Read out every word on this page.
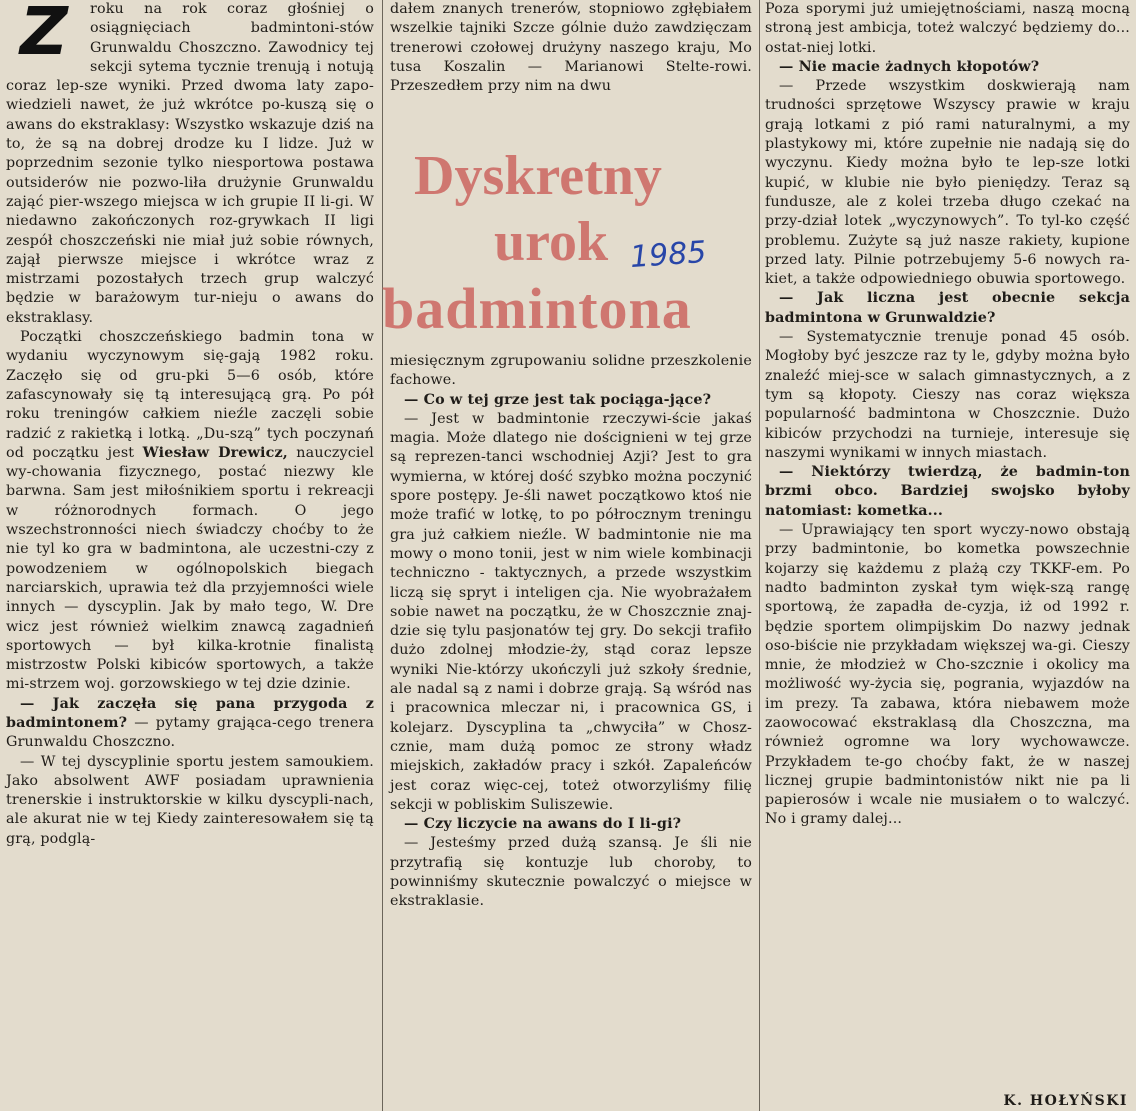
Z	roku na rok coraz głośniej o osiągnięciach badmintoni-stów Grunwaldu Choszczno. Zawodnicy tej sekcji sytema tycznie trenują i notują coraz lep-sze wyniki. Przed dwoma laty zapo-wiedzieli nawet, że już wkrótce po-kuszą się o awans do ekstraklasy: Wszystko wskazuje dziś na to, że są na dobrej drodze ku I lidze. Już w poprzednim sezonie tylko niesportowa postawa outsiderów nie pozwo-liła drużynie Grunwaldu zająć pier-wszego miejsca w ich grupie II li-gi. W niedawno zakończonych roz-grywkach II ligi zespół choszczeński nie miał już sobie równych, zajął pierwsze miejsce i wkrótce wraz z mistrzami pozostałych trzech grup walczyć będzie w barażowym tur-nieju o awans do ekstraklasy.

Początki choszczeńskiego badmin tona w wydaniu wyczynowym się-gają 1982 roku. Zaczęło się od gru-pki 5—6 osób, które zafascynowały się tą interesującą grą. Po pół roku treningów całkiem nieźle zaczęli sobie radzić z rakietką i lotką. „Du-szą” tych poczynań od początku jest Wiesław Drewicz, nauczyciel wy-chowania fizycznego, postać niezwy kle barwna. Sam jest miłośnikiem sportu i rekreacji w różnorodnych formach. O jego wszechstronności niech świadczy choćby to że nie tyl ko gra w badmintona, ale uczestni-czy z powodzeniem w ogólnopolskich biegach narciarskich, uprawia też dla przyjemności wiele innych — dyscyplin. Jak by mało tego, W. Dre wicz jest również wielkim znawcą zagadnień sportowych — był kilka-krotnie finalistą mistrzostw Polski kibiców sportowych, a także mi-strzem woj. gorzowskiego w tej dzie dzinie.

— Jak zaczęła się pana przygoda z badmintonem? — pytamy grająca-cego trenera Grunwaldu Choszczno.

— W tej dyscyplinie sportu jestem samoukiem. Jako absolwent AWF posiadam uprawnienia trenerskie i instruktorskie w kilku dyscypli-nach, ale akurat nie w tej Kiedy zainteresowałem się tą grą, podglą-

dałem znanych trenerów, stopniowo zgłębiałem wszelkie tajniki Szcze gólnie dużo zawdzięczam trenerowi czołowej drużyny naszego kraju, Mo tusa Koszalin — Marianowi Stelte-rowi. Przeszedłem przy nim na dwu

Dyskretny
urok
badmintona
1985

miesięcznym zgrupowaniu solidne przeszkolenie fachowe.

— Co w tej grze jest tak pociąga-jące?

— Jest w badmintonie rzeczywi-ście jakaś magia. Może dlatego nie doścignieni w tej grze są reprezen-tanci wschodniej Azji? Jest to gra wymierna, w której dość szybko można poczynić spore postępy. Je-śli nawet początkowo ktoś nie może trafić w lotkę, to po półrocznym treningu gra już całkiem nieźle. W badmintonie nie ma mowy o mono tonii, jest w nim wiele kombinacji techniczno - taktycznych, a przede wszystkim liczą się spryt i inteligen cja. Nie wyobrażałem sobie nawet na początku, że w Choszcznie znaj-dzie się tylu pasjonatów tej gry. Do sekcji trafiło dużo zdolnej młodzie-ży, stąd coraz lepsze wyniki Nie-którzy ukończyli już szkoły średnie, ale nadal są z nami i dobrze grają. Są wśród nas i pracownica mleczar ni, i pracownica GS, i kolejarz. Dyscyplina ta „chwyciła” w Chosz-cznie, mam dużą pomoc ze strony władz miejskich, zakładów pracy i szkół. Zapaleńców jest coraz więc-cej, toteż otworzyliśmy filię sekcji w pobliskim Suliszewie.

— Czy liczycie na awans do I li-gi?

— Jesteśmy przed dużą szansą. Je śli nie przytrafią się kontuzje lub choroby, to powinniśmy skutecznie powalczyć o miejsce w ekstraklasie.

Poza sporymi już umiejętnościami, naszą mocną stroną jest ambicja, toteż walczyć będziemy do... ostat-niej lotki.

— Nie macie żadnych kłopotów?

— Przede wszystkim doskwierają nam trudności sprzętowe Wszyscy prawie w kraju grają lotkami z pió rami naturalnymi, a my plastykowy mi, które zupełnie nie nadają się do wyczynu. Kiedy można było te lep-sze lotki kupić, w klubie nie było pieniędzy. Teraz są fundusze, ale z kolei trzeba długo czekać na przy-dział lotek „wyczynowych”. To tyl-ko część problemu. Zużyte są już nasze rakiety, kupione przed laty. Pilnie potrzebujemy 5-6 nowych ra-kiet, a także odpowiedniego obuwia sportowego.

— Jak liczna jest obecnie sekcja badmintona w Grunwaldzie?

— Systematycznie trenuje ponad 45 osób. Mogłoby być jeszcze raz ty le, gdyby można było znaleźć miej-sce w salach gimnastycznych, a z tym są kłopoty. Cieszy nas coraz większa popularność badmintona w Choszcznie. Dużo kibiców przychodzi na turnieje, interesuje się naszymi wynikami w innych miastach.

— Niektórzy twierdzą, że badmin-ton brzmi obco. Bardziej swojsko byłoby natomiast: kometka...

— Uprawiający ten sport wyczy-nowo obstają przy badmintonie, bo kometka powszechnie kojarzy się każdemu z plażą czy TKKF-em. Po nadto badminton zyskał tym więk-szą rangę sportową, że zapadła de-cyzja, iż od 1992 r. będzie sportem olimpijskim Do nazwy jednak oso-biście nie przykładam większej wa-gi. Cieszy mnie, że młodzież w Cho-szcznie i okolicy ma możliwość wy-życia się, pogrania, wyjazdów na im prezy. Ta zabawa, która niebawem może zaowocować ekstraklasą dla Choszczna, ma również ogromne wa lory wychowawcze. Przykładem te-go choćby fakt, że w naszej licznej grupie badmintonistów nikt nie pa li papierosów i wcale nie musiałem o to walczyć. No i gramy dalej...

K. HOŁYŃSKI
